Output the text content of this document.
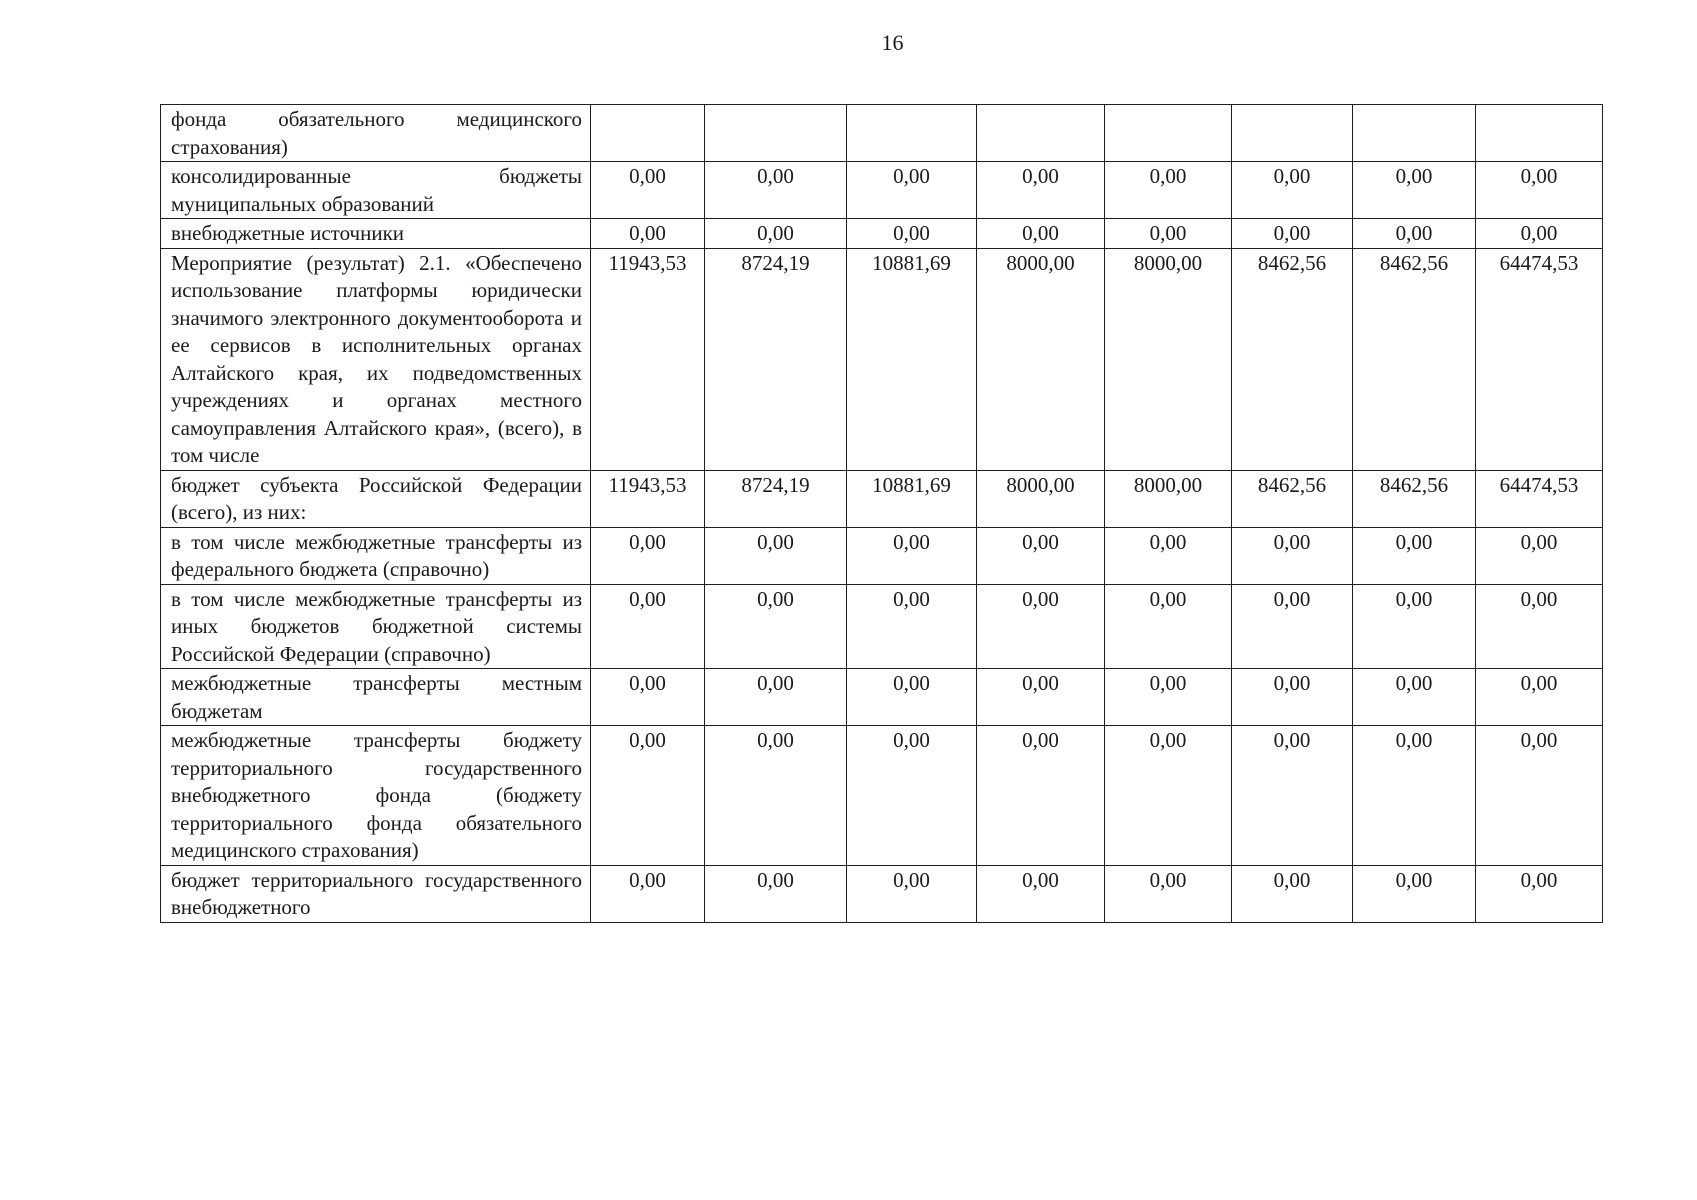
16
фонда обязательного медицинского страхования)								
консолидированные бюджеты муниципальных образований	0,00	0,00	0,00	0,00	0,00	0,00	0,00	0,00
внебюджетные источники	0,00	0,00	0,00	0,00	0,00	0,00	0,00	0,00
Мероприятие (результат) 2.1. «Обеспечено использование платформы юридически значимого электронного документооборота и ее сервисов в исполнительных органах Алтайского края, их подведомственных учреждениях и органах местного самоуправления Алтайского края», (всего), в том числе	11943,53	8724,19	10881,69	8000,00	8000,00	8462,56	8462,56	64474,53
бюджет субъекта Российской Федерации (всего), из них:	11943,53	8724,19	10881,69	8000,00	8000,00	8462,56	8462,56	64474,53
в том числе межбюджетные трансферты из федерального бюджета (справочно)	0,00	0,00	0,00	0,00	0,00	0,00	0,00	0,00
в том числе межбюджетные трансферты из иных бюджетов бюджетной системы Российской Федерации (справочно)	0,00	0,00	0,00	0,00	0,00	0,00	0,00	0,00
межбюджетные трансферты местным бюджетам	0,00	0,00	0,00	0,00	0,00	0,00	0,00	0,00
межбюджетные трансферты бюджету территориального государственного внебюджетного фонда (бюджету территориального фонда обязательного медицинского страхования)	0,00	0,00	0,00	0,00	0,00	0,00	0,00	0,00
бюджет территориального государственного внебюджетного	0,00	0,00	0,00	0,00	0,00	0,00	0,00	0,00
